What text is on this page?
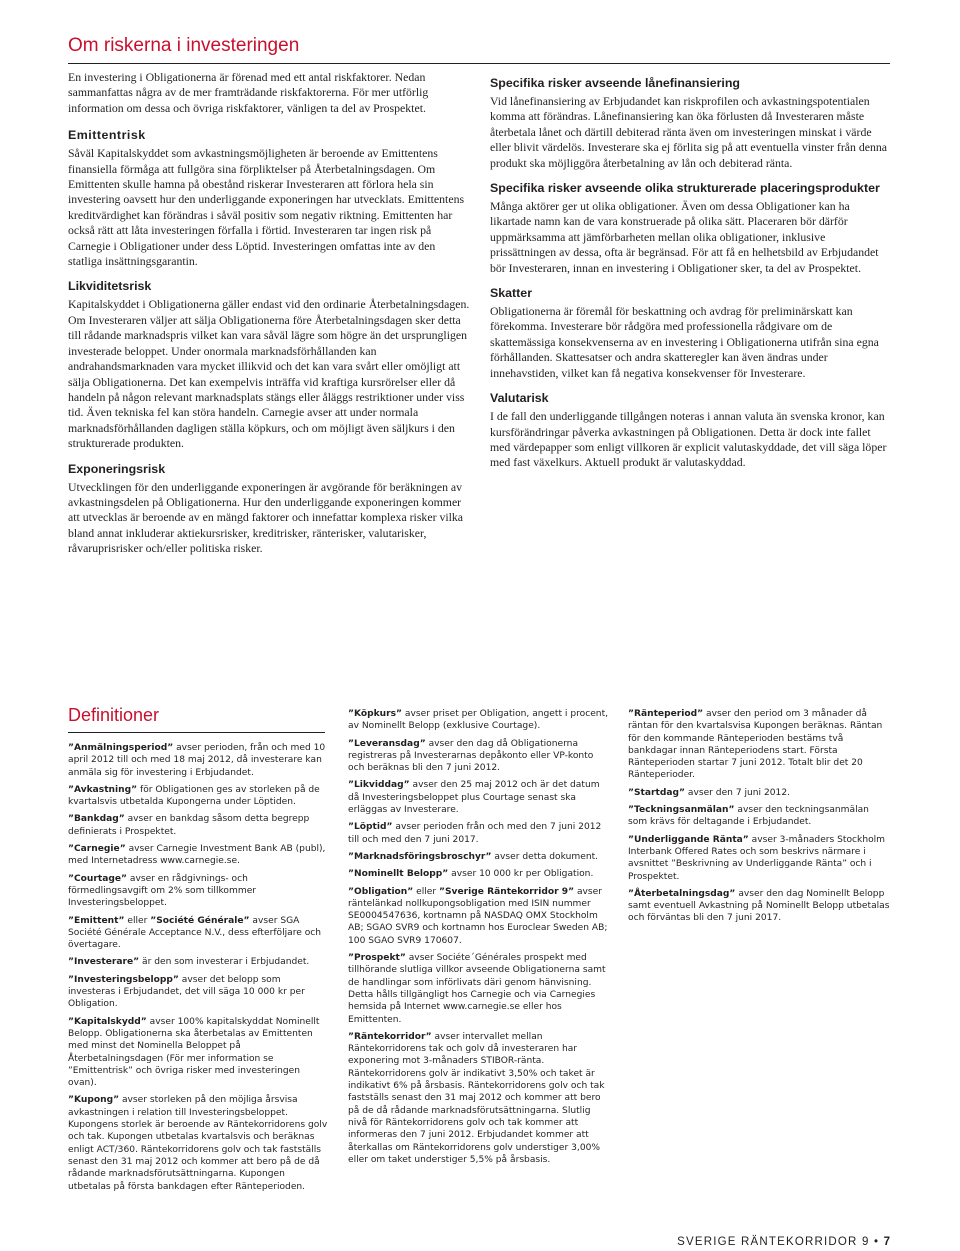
Om riskerna i investeringen

En investering i Obligationerna är förenad med ett antal riskfaktorer. Nedan sammanfattas några av de mer framträdande riskfaktorerna. För mer utförlig information om dessa och övriga riskfaktorer, vänligen ta del av Prospektet.

Emittentrisk

Såväl Kapitalskyddet som avkastningsmöjligheten är beroende av Emittentens finansiella förmåga att fullgöra sina förpliktelser på Återbetalningsdagen. Om Emittenten skulle hamna på obestånd riskerar Investeraren att förlora hela sin investering oavsett hur den underliggande exponeringen har utvecklats. Emittentens kreditvärdighet kan förändras i såväl positiv som negativ riktning. Emittenten har också rätt att låta investeringen förfalla i förtid. Investeraren tar ingen risk på Carnegie i Obligationer under dess Löptid. Investeringen omfattas inte av den statliga insättningsgarantin.

Likviditetsrisk

Kapitalskyddet i Obligationerna gäller endast vid den ordinarie Återbetalningsdagen. Om Investeraren väljer att sälja Obligationerna före Återbetalningsdagen sker detta till rådande marknadspris vilket kan vara såväl lägre som högre än det ursprungligen investerade beloppet. Under onormala marknadsförhållanden kan andrahandsmarknaden vara mycket illikvid och det kan vara svårt eller omöjligt att sälja Obligationerna. Det kan exempelvis inträffa vid kraftiga kursrörelser eller då handeln på någon relevant marknadsplats stängs eller åläggs restriktioner under viss tid. Även tekniska fel kan störa handeln. Carnegie avser att under normala marknadsförhållanden dagligen ställa köpkurs, och om möjligt även säljkurs i den strukturerade produkten.

Exponeringsrisk

Utvecklingen för den underliggande exponeringen är avgörande för beräkningen av avkastningsdelen på Obligationerna. Hur den underliggande exponeringen kommer att utvecklas är beroende av en mängd faktorer och innefattar komplexa risker vilka bland annat inkluderar aktiekursrisker, kreditrisker, ränterisker, valutarisker, råvaruprisrisker och/eller politiska risker.

Specifika risker avseende lånefinansiering

Vid lånefinansiering av Erbjudandet kan riskprofilen och avkastningspotentialen komma att förändras. Lånefinansiering kan öka förlusten då Investeraren måste återbetala lånet och därtill debiterad ränta även om investeringen minskat i värde eller blivit värdelös. Investerare ska ej förlita sig på att eventuella vinster från denna produkt ska möjliggöra återbetalning av lån och debiterad ränta.

Specifika risker avseende olika strukturerade placeringsprodukter

Många aktörer ger ut olika obligationer. Även om dessa Obligationer kan ha likartade namn kan de vara konstruerade på olika sätt. Placeraren bör därför uppmärksamma att jämförbarheten mellan olika obligationer, inklusive prissättningen av dessa, ofta är begränsad. För att få en helhetsbild av Erbjudandet bör Investeraren, innan en investering i Obligationer sker, ta del av Prospektet.

Skatter

Obligationerna är föremål för beskattning och avdrag för preliminärskatt kan förekomma. Investerare bör rådgöra med professionella rådgivare om de skattemässiga konsekvenserna av en investering i Obligationerna utifrån sina egna förhållanden. Skattesatser och andra skatteregler kan även ändras under innehavstiden, vilket kan få negativa konsekvenser för Investerare.

Valutarisk

I de fall den underliggande tillgången noteras i annan valuta än svenska kronor, kan kursförändringar påverka avkastningen på Obligationen. Detta är dock inte fallet med värdepapper som enligt villkoren är explicit valutaskyddade, det vill säga löper med fast växelkurs. Aktuell produkt är valutaskyddad.

Definitioner

”Anmälningsperiod” avser perioden, från och med 10 april 2012 till och med 18 maj 2012, då investerare kan anmäla sig för investering i Erbjudandet.

”Avkastning” för Obligationen ges av storleken på de kvartalsvis utbetalda Kupongerna under Löptiden.

”Bankdag” avser en bankdag såsom detta begrepp definierats i Prospektet.

”Carnegie” avser Carnegie Investment Bank AB (publ), med Internetadress www.carnegie.se.

”Courtage” avser en rådgivnings- och förmedlingsavgift om 2% som tillkommer Investeringsbeloppet.

”Emittent” eller ”Société Générale” avser SGA Société Générale Acceptance N.V., dess efterföljare och övertagare.

”Investerare” är den som investerar i Erbjudandet.

”Investeringsbelopp” avser det belopp som investeras i Erbjudandet, det vill säga 10 000 kr per Obligation.

”Kapitalskydd” avser 100% kapitalskyddat Nominellt Belopp. Obligationerna ska återbetalas av Emittenten med minst det Nominella Beloppet på Återbetalningsdagen (För mer information se ”Emittentrisk” och övriga risker med investeringen ovan).

”Kupong” avser storleken på den möjliga årsvisa avkastningen i relation till Investeringsbeloppet. Kupongens storlek är beroende av Räntekorridorens golv och tak. Kupongen utbetalas kvartalsvis och beräknas enligt ACT/360. Räntekorridorens golv och tak fastställs senast den 31 maj 2012 och kommer att bero på de då rådande marknadsförutsättningarna. Kupongen utbetalas på första bankdagen efter Ränteperioden.

”Köpkurs” avser priset per Obligation, angett i procent, av Nominellt Belopp (exklusive Courtage).

”Leveransdag” avser den dag då Obligationerna registreras på Investerarnas depåkonto eller VP-konto och beräknas bli den 7 juni 2012.

”Likviddag” avser den 25 maj 2012 och är det datum då Investeringsbeloppet plus Courtage senast ska erläggas av Investerare.

”Löptid” avser perioden från och med den 7 juni 2012 till och med den 7 juni 2017.

”Marknadsföringsbroschyr” avser detta dokument.

”Nominellt Belopp” avser 10 000 kr per Obligation.

”Obligation” eller ”Sverige Räntekorridor 9” avser räntelänkad nollkupongsobligation med ISIN nummer SE0004547636, kortnamn på NASDAQ OMX Stockholm AB; SGAO SVR9 och kortnamn hos Euroclear Sweden AB; 100 SGAO SVR9 170607.

”Prospekt” avser Sociéte´Générales prospekt med tillhörande slutliga villkor avseende Obligationerna samt de handlingar som införlivats däri genom hänvisning. Detta hålls tillgängligt hos Carnegie och via Carnegies hemsida på Internet www.carnegie.se eller hos Emittenten.

”Räntekorridor” avser intervallet mellan Räntekorridorens tak och golv då investeraren har exponering mot 3-månaders STIBOR-ränta. Räntekorridorens golv är indikativt 3,50% och taket är indikativt 6% på årsbasis. Räntekorridorens golv och tak fastställs senast den 31 maj 2012 och kommer att bero på de då rådande marknadsförutsättningarna. Slutlig nivå för Räntekorridorens golv och tak kommer att informeras den 7 juni 2012. Erbjudandet kommer att återkallas om Räntekorridorens golv understiger 3,00% eller om taket understiger 5,5% på årsbasis.

”Ränteperiod” avser den period om 3 månader då räntan för den kvartalsvisa Kupongen beräknas. Räntan för den kommande Ränteperioden bestäms två bankdagar innan Ränteperiodens start. Första Ränteperioden startar 7 juni 2012. Totalt blir det 20 Ränteperioder.

”Startdag” avser den 7 juni 2012.

”Teckningsanmälan” avser den teckningsanmälan som krävs för deltagande i Erbjudandet.

”Underliggande Ränta” avser 3-månaders Stockholm Interbank Offered Rates och som beskrivs närmare i avsnittet ”Beskrivning av Underliggande Ränta” och i Prospektet.

”Återbetalningsdag” avser den dag Nominellt Belopp samt eventuell Avkastning på Nominellt Belopp utbetalas och förväntas bli den 7 juni 2017.

SVERIGE RÄNTEKORRIDOR 9 • 7
